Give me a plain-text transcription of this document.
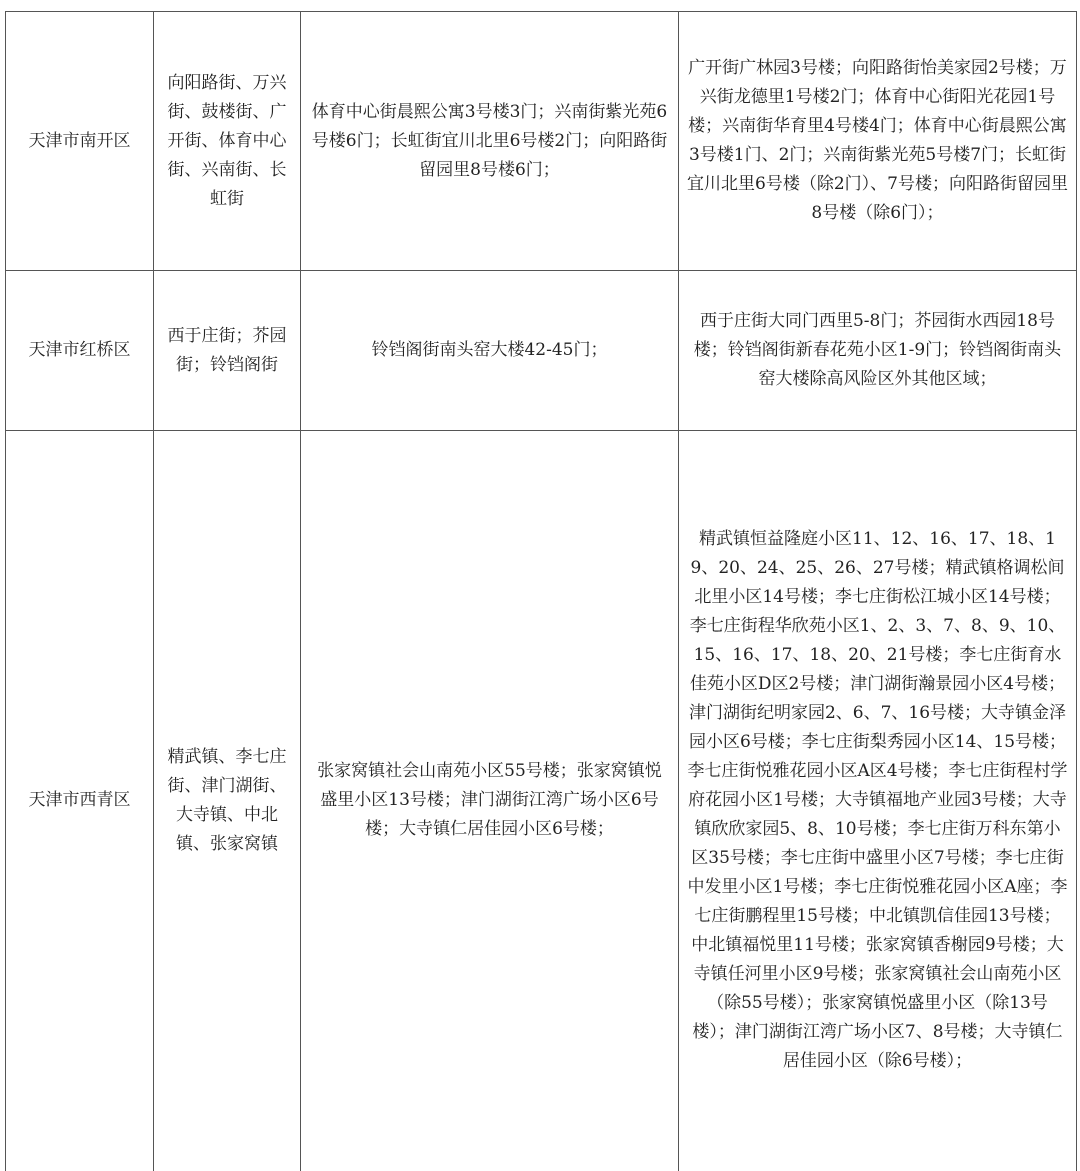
天津市南开区	向阳路街、万兴街、鼓楼街、广开街、体育中心街、兴南街、长虹街	体育中心街晨熙公寓3号楼3门；兴南街紫光苑6号楼6门；长虹街宜川北里6号楼2门；向阳路街留园里8号楼6门；	广开街广林园3号楼；向阳路街怡美家园2号楼；万兴街龙德里1号楼2门；体育中心街阳光花园1号楼；兴南街华育里4号楼4门；体育中心街晨熙公寓3号楼1门、2门；兴南街紫光苑5号楼7门；长虹街宜川北里6号楼（除2门）、7号楼；向阳路街留园里8号楼（除6门）；

天津市红桥区	西于庄街；芥园街；铃铛阁街	铃铛阁街南头窑大楼42-45门；	西于庄街大同门西里5-8门；芥园街水西园18号楼；铃铛阁街新春花苑小区1-9门；铃铛阁街南头窑大楼除高风险区外其他区域；

天津市西青区	精武镇、李七庄街、津门湖街、大寺镇、中北镇、张家窝镇	张家窝镇社会山南苑小区55号楼；张家窝镇悦盛里小区13号楼；津门湖街江湾广场小区6号楼；大寺镇仁居佳园小区6号楼；	精武镇恒益隆庭小区11、12、16、17、18、19、20、24、25、26、27号楼；精武镇格调松间北里小区14号楼；李七庄街松江城小区14号楼；李七庄街程华欣苑小区1、2、3、7、8、9、10、15、16、17、18、20、21号楼；李七庄街育水佳苑小区D区2号楼；津门湖街瀚景园小区4号楼；津门湖街纪明家园2、6、7、16号楼；大寺镇金泽园小区6号楼；李七庄街梨秀园小区14、15号楼；李七庄街悦雅花园小区A区4号楼；李七庄街程村学府花园小区1号楼；大寺镇福地产业园3号楼；大寺镇欣欣家园5、8、10号楼；李七庄街万科东第小区35号楼；李七庄街中盛里小区7号楼；李七庄街中发里小区1号楼；李七庄街悦雅花园小区A座；李七庄街鹏程里15号楼；中北镇凯信佳园13号楼；中北镇福悦里11号楼；张家窝镇香榭园9号楼；大寺镇任河里小区9号楼；张家窝镇社会山南苑小区（除55号楼）；张家窝镇悦盛里小区（除13号楼）；津门湖街江湾广场小区7、8号楼；大寺镇仁居佳园小区（除6号楼）；
